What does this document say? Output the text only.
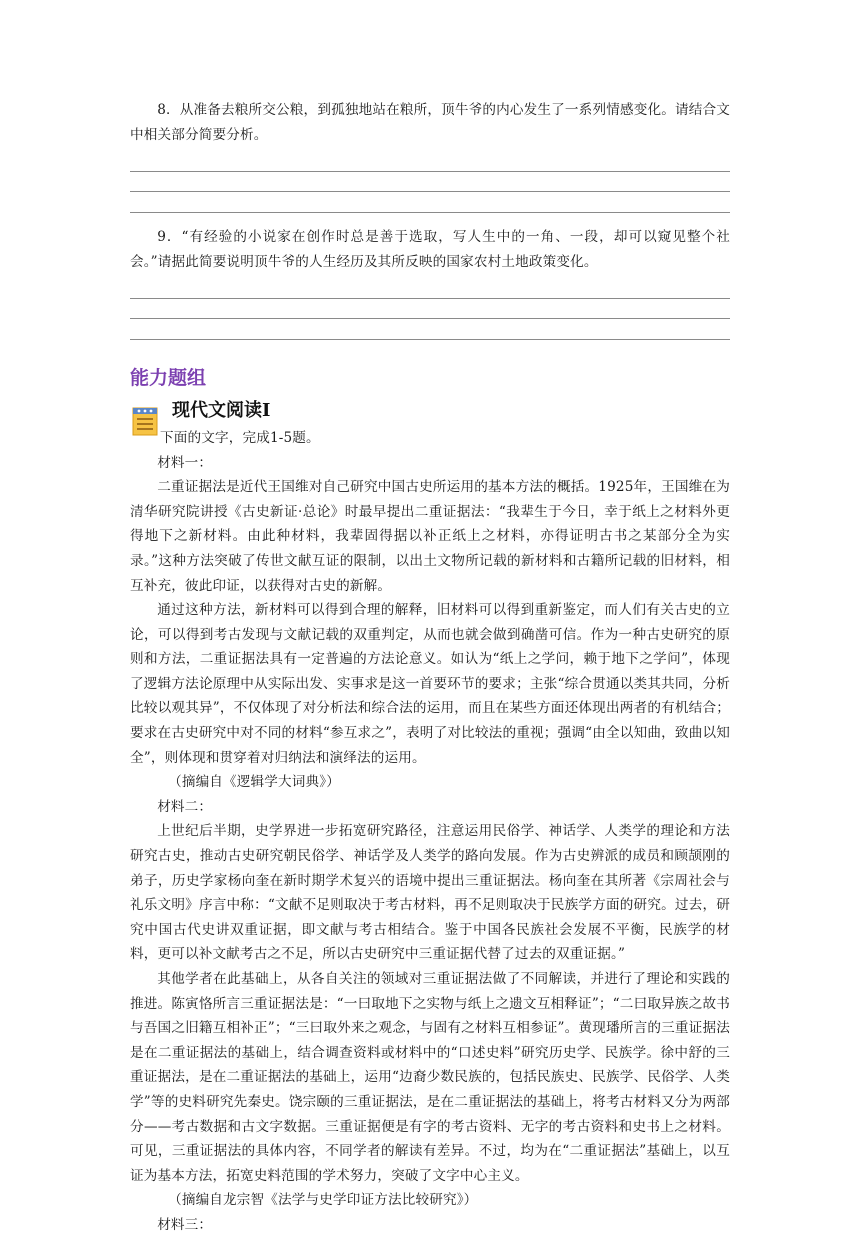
8．从准备去粮所交公粮，到孤独地站在粮所，顶牛爷的内心发生了一系列情感变化。请结合文中相关部分简要分析。

9．“有经验的小说家在创作时总是善于选取，写人生中的一角、一段，却可以窥见整个社会。”请据此简要说明顶牛爷的人生经历及其所反映的国家农村土地政策变化。

能力题组
现代文阅读Ⅰ

下面的文字，完成1-5题。

材料一：

二重证据法是近代王国维对自己研究中国古史所运用的基本方法的概括。1925年，王国维在为清华研究院讲授《古史新证·总论》时最早提出二重证据法：“我辈生于今日，幸于纸上之材料外更得地下之新材料。由此种材料，我辈固得据以补正纸上之材料，亦得证明古书之某部分全为实录。”这种方法突破了传世文献互证的限制，以出土文物所记载的新材料和古籍所记载的旧材料，相互补充，彼此印证，以获得对古史的新解。

通过这种方法，新材料可以得到合理的解释，旧材料可以得到重新鉴定，而人们有关古史的立论，可以得到考古发现与文献记载的双重判定，从而也就会做到确凿可信。作为一种古史研究的原则和方法，二重证据法具有一定普遍的方法论意义。如认为“纸上之学问，赖于地下之学问”，体现了逻辑方法论原理中从实际出发、实事求是这一首要环节的要求；主张“综合贯通以类其共同，分析比较以观其异”，不仅体现了对分析法和综合法的运用，而且在某些方面还体现出两者的有机结合；要求在古史研究中对不同的材料“参互求之”，表明了对比较法的重视；强调“由全以知曲，致曲以知全”，则体现和贯穿着对归纳法和演绎法的运用。

（摘编自《逻辑学大词典》）

材料二：

上世纪后半期，史学界进一步拓宽研究路径，注意运用民俗学、神话学、人类学的理论和方法研究古史，推动古史研究朝民俗学、神话学及人类学的路向发展。作为古史辨派的成员和顾颉刚的弟子，历史学家杨向奎在新时期学术复兴的语境中提出三重证据法。杨向奎在其所著《宗周社会与礼乐文明》序言中称：“文献不足则取决于考古材料，再不足则取决于民族学方面的研究。过去，研究中国古代史讲双重证据，即文献与考古相结合。鉴于中国各民族社会发展不平衡，民族学的材料，更可以补文献考古之不足，所以古史研究中三重证据代替了过去的双重证据。”

其他学者在此基础上，从各自关注的领域对三重证据法做了不同解读，并进行了理论和实践的推进。陈寅恪所言三重证据法是：“一曰取地下之实物与纸上之遗文互相释证”；“二曰取异族之故书与吾国之旧籍互相补正”；“三曰取外来之观念，与固有之材料互相参证”。黄现璠所言的三重证据法是在二重证据法的基础上，结合调查资料或材料中的“口述史料”研究历史学、民族学。徐中舒的三重证据法，是在二重证据法的基础上，运用“边裔少数民族的，包括民族史、民族学、民俗学、人类学”等的史料研究先秦史。饶宗颐的三重证据法，是在二重证据法的基础上，将考古材料又分为两部分——考古数据和古文字数据。三重证据便是有字的考古资料、无字的考古资料和史书上之材料。可见，三重证据法的具体内容，不同学者的解读有差异。不过，均为在“二重证据法”基础上，以互证为基本方法，拓宽史料范围的学术努力，突破了文字中心主义。

（摘编自龙宗智《法学与史学印证方法比较研究》）

材料三：
